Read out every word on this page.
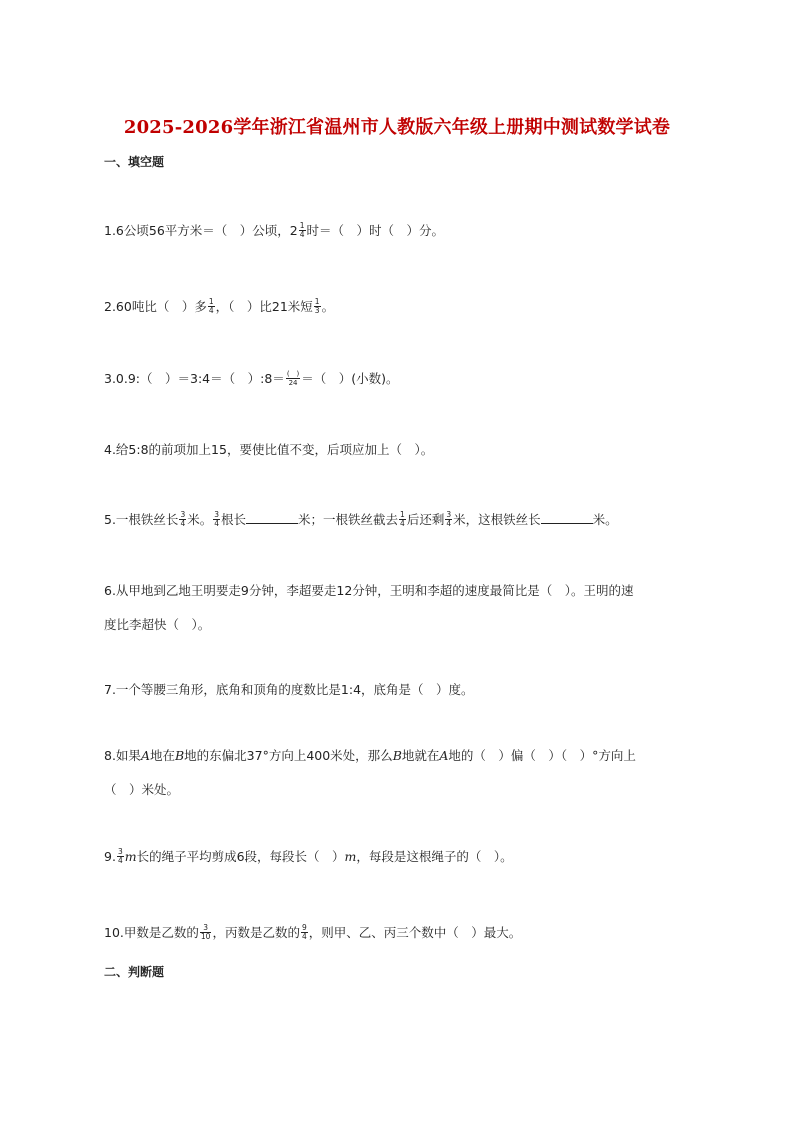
2025-2026学年浙江省温州市人教版六年级上册期中测试数学试卷
一、填空题
1.6公顷56平方米＝（　）公顷，$2 \frac{1}{4}$ 时＝（　）时（　）分。
2.60吨比（　）多 $\frac{1}{4}$ ，（　）比21米短 $\frac{1}{3}$ 。
3.0.9:（　）＝3:4＝（　）:8＝ $\frac{( )}{24}$ ＝（　）(小数)。
4.给5:8的前项加上15，要使比值不变，后项应加上（　）。
5.一根铁丝长 $\frac{3}{4}$ 米。 $\frac{3}{4}$ 根长	米；一根铁丝截去 $\frac{1}{4}$ 后还剩 $\frac{3}{4}$ 米，这根铁丝长	米。
6.从甲地到乙地王明要走9分钟，李超要走12分钟，王明和李超的速度最简比是（　）。王明的速
度比李超快（　）。
7.一个等腰三角形，底角和顶角的度数比是1:4，底角是（　）度。
8.如果A地在B地的东偏北37°方向上400米处，那么B地就在A地的（　）偏（　）（　）°方向上
（　）米处。
9. $\frac{3}{4}$ m长的绳子平均剪成6段，每段长（　）m，每段是这根绳子的（　）。
10.甲数是乙数的 $\frac{3}{10}$ ，丙数是乙数的 $\frac{9}{4}$ ，则甲、乙、丙三个数中（　）最大。
二、判断题
